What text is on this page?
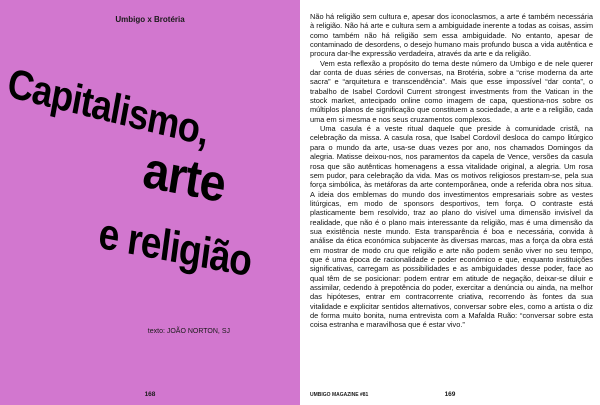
Umbigo x Brotéria
Capitalismo,
arte
e religião
texto: JOÃO NORTON, SJ
168

Não há religião sem cultura e, apesar dos iconoclasmos, a arte é também necessária à religião. Não há arte e cultura sem a ambiguidade inerente a todas as coisas, assim como também não há religião sem essa ambiguidade. No entanto, apesar de contaminado de desordens, o desejo humano mais profundo busca a vida autêntica e procura dar-lhe expressão verdadeira, através da arte e da religião.

Vem esta reflexão a propósito do tema deste número da Umbigo e de nele querer dar conta de duas séries de conversas, na Brotéria, sobre a “crise moderna da arte sacra” e “arquitetura e transcendência”. Mais que esse impossível “dar conta”, o trabalho de Isabel Cordovil Current strongest investments from the Vatican in the stock market, antecipado online como imagem de capa, questiona-nos sobre os múltiplos planos de significação que constituem a sociedade, a arte e a religião, cada uma em si mesma e nos seus cruzamentos complexos.

Uma casula é a veste ritual daquele que preside à comunidade cristã, na celebração da missa. A casula rosa, que Isabel Cordovil desloca do campo litúrgico para o mundo da arte, usa-se duas vezes por ano, nos chamados Domingos da alegria. Matisse deixou-nos, nos paramentos da capela de Vence, versões da casula rosa que são autênticas homenagens a essa vitalidade original, a alegria. Um rosa sem pudor, para celebração da vida. Mas os motivos religiosos prestam-se, pela sua força simbólica, às metáforas da arte contemporânea, onde a referida obra nos situa. A ideia dos emblemas do mundo dos investimentos empresariais sobre as vestes litúrgicas, em modo de sponsors desportivos, tem força. O contraste está plasticamente bem resolvido, traz ao plano do visível uma dimensão invisível da realidade, que não é o plano mais interessante da religião, mas é uma dimensão da sua existência neste mundo. Esta transparência é boa e necessária, convida à análise da ética económica subjacente às diversas marcas, mas a força da obra está em mostrar de modo cru que religião e arte não podem senão viver no seu tempo, que é uma época de racionalidade e poder económico e que, enquanto instituições significativas, carregam as possibilidades e as ambiguidades desse poder, face ao qual têm de se posicionar: podem entrar em atitude de negação, deixar-se diluir e assimilar, cedendo à prepotência do poder, exercitar a denúncia ou ainda, na melhor das hipóteses, entrar em contracorrente criativa, recorrendo às fontes da sua vitalidade e explicitar sentidos alternativos, conversar sobre eles, como a artista o diz de forma muito bonita, numa entrevista com a Mafalda Ruão: “conversar sobre esta coisa estranha e maravilhosa que é estar vivo.”

UMBIGO MAGAZINE #81	169
